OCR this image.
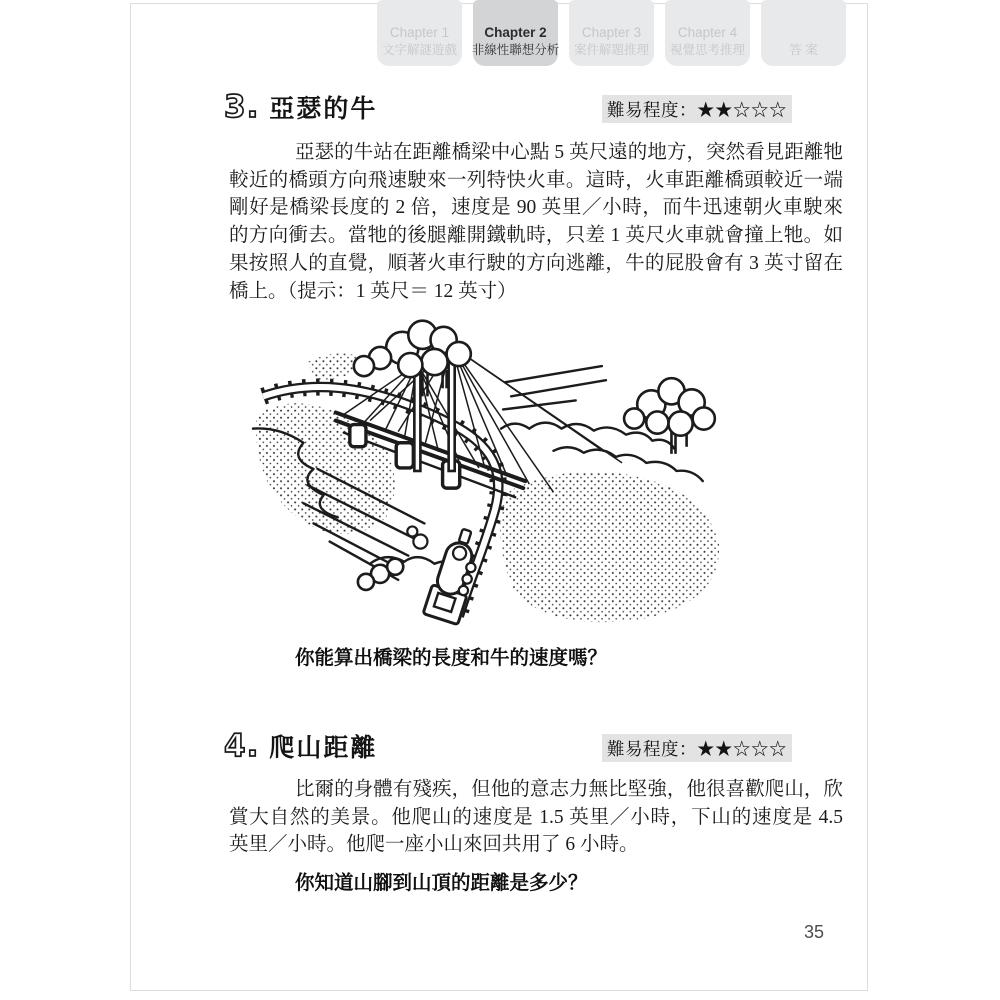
Chapter 1
文字解謎遊戲
Chapter 2
非線性聯想分析
Chapter 3
案件解題推理
Chapter 4
視覺思考推理	答 案
3. 亞瑟的牛	難易程度：★★☆☆☆

亞瑟的牛站在距離橋梁中心點 5 英尺遠的地方，突然看見距離牠較近的橋頭方向飛速駛來一列特快火車。這時，火車距離橋頭較近一端剛好是橋梁長度的 2 倍，速度是 90 英里／小時，而牛迅速朝火車駛來的方向衝去。當牠的後腿離開鐵軌時，只差 1 英尺火車就會撞上牠。如果按照人的直覺，順著火車行駛的方向逃離，牛的屁股會有 3 英寸留在橋上。（提示：1 英尺＝ 12 英寸）

你能算出橋梁的長度和牛的速度嗎？

4. 爬山距離	難易程度：★★☆☆☆

比爾的身體有殘疾，但他的意志力無比堅強，他很喜歡爬山，欣賞大自然的美景。他爬山的速度是 1.5 英里／小時，下山的速度是 4.5 英里／小時。他爬一座小山來回共用了 6 小時。

你知道山腳到山頂的距離是多少？

35
